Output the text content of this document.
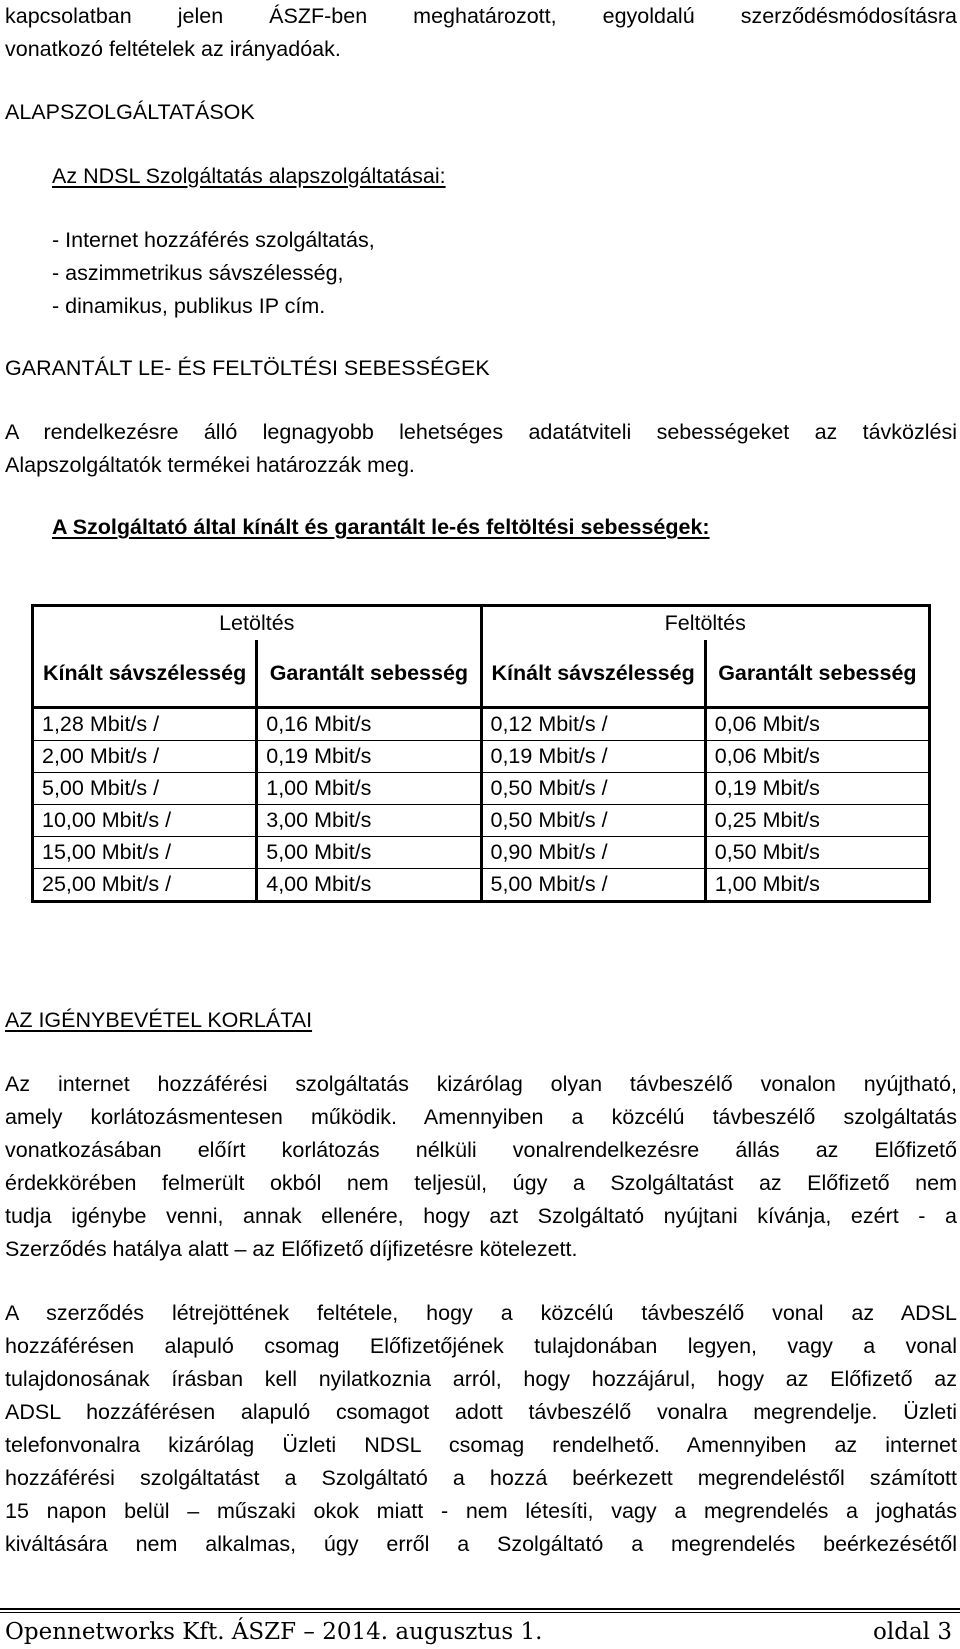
kapcsolatban jelen ÁSZF-ben meghatározott, egyoldalú szerződésmódosításra

vonatkozó feltételek az irányadóak.

ALAPSZOLGÁLTATÁSOK

Az NDSL Szolgáltatás alapszolgáltatásai:

- Internet hozzáférés szolgáltatás,

- aszimmetrikus sávszélesség,

- dinamikus, publikus IP cím.

GARANTÁLT LE- ÉS FELTÖLTÉSI SEBESSÉGEK

A rendelkezésre álló legnagyobb lehetséges adatátviteli sebességeket az távközlési

Alapszolgáltatók termékei határozzák meg.

A Szolgáltató által kínált és garantált le-és feltöltési sebességek:

Letöltés		Feltöltés	
Kínált sávszélesség	Garantált sebesség	Kínált sávszélesség	Garantált sebesség
1,28 Mbit/s /	0,16 Mbit/s	0,12 Mbit/s /	0,06 Mbit/s
2,00 Mbit/s /	0,19 Mbit/s	0,19 Mbit/s /	0,06 Mbit/s
5,00 Mbit/s /	1,00 Mbit/s	0,50 Mbit/s /	0,19 Mbit/s
10,00 Mbit/s /	3,00 Mbit/s	0,50 Mbit/s /	0,25 Mbit/s
15,00 Mbit/s /	5,00 Mbit/s	0,90 Mbit/s /	0,50 Mbit/s
25,00 Mbit/s /	4,00 Mbit/s	5,00 Mbit/s /	1,00 Mbit/s

AZ IGÉNYBEVÉTEL KORLÁTAI

Az internet hozzáférési szolgáltatás kizárólag olyan távbeszélő vonalon nyújtható,

amely korlátozásmentesen működik. Amennyiben a közcélú távbeszélő szolgáltatás

vonatkozásában előírt korlátozás nélküli vonalrendelkezésre állás az Előfizető

érdekkörében felmerült okból nem teljesül, úgy a Szolgáltatást az Előfizető nem

tudja igénybe venni, annak ellenére, hogy azt Szolgáltató nyújtani kívánja, ezért - a

Szerződés hatálya alatt – az Előfizető díjfizetésre kötelezett.

A szerződés létrejöttének feltétele, hogy a közcélú távbeszélő vonal az ADSL

hozzáférésen alapuló csomag Előfizetőjének tulajdonában legyen, vagy a vonal

tulajdonosának írásban kell nyilatkoznia arról, hogy hozzájárul, hogy az Előfizető az

ADSL hozzáférésen alapuló csomagot adott távbeszélő vonalra megrendelje. Üzleti

telefonvonalra kizárólag Üzleti NDSL csomag rendelhető. Amennyiben az internet

hozzáférési szolgáltatást a Szolgáltató a hozzá beérkezett megrendeléstől számított

15 napon belül – műszaki okok miatt - nem létesíti, vagy a megrendelés a joghatás

kiváltására nem alkalmas, úgy erről a Szolgáltató a megrendelés beérkezésétől

Opennetworks Kft. ÁSZF – 2014. augusztus 1.	oldal 3
